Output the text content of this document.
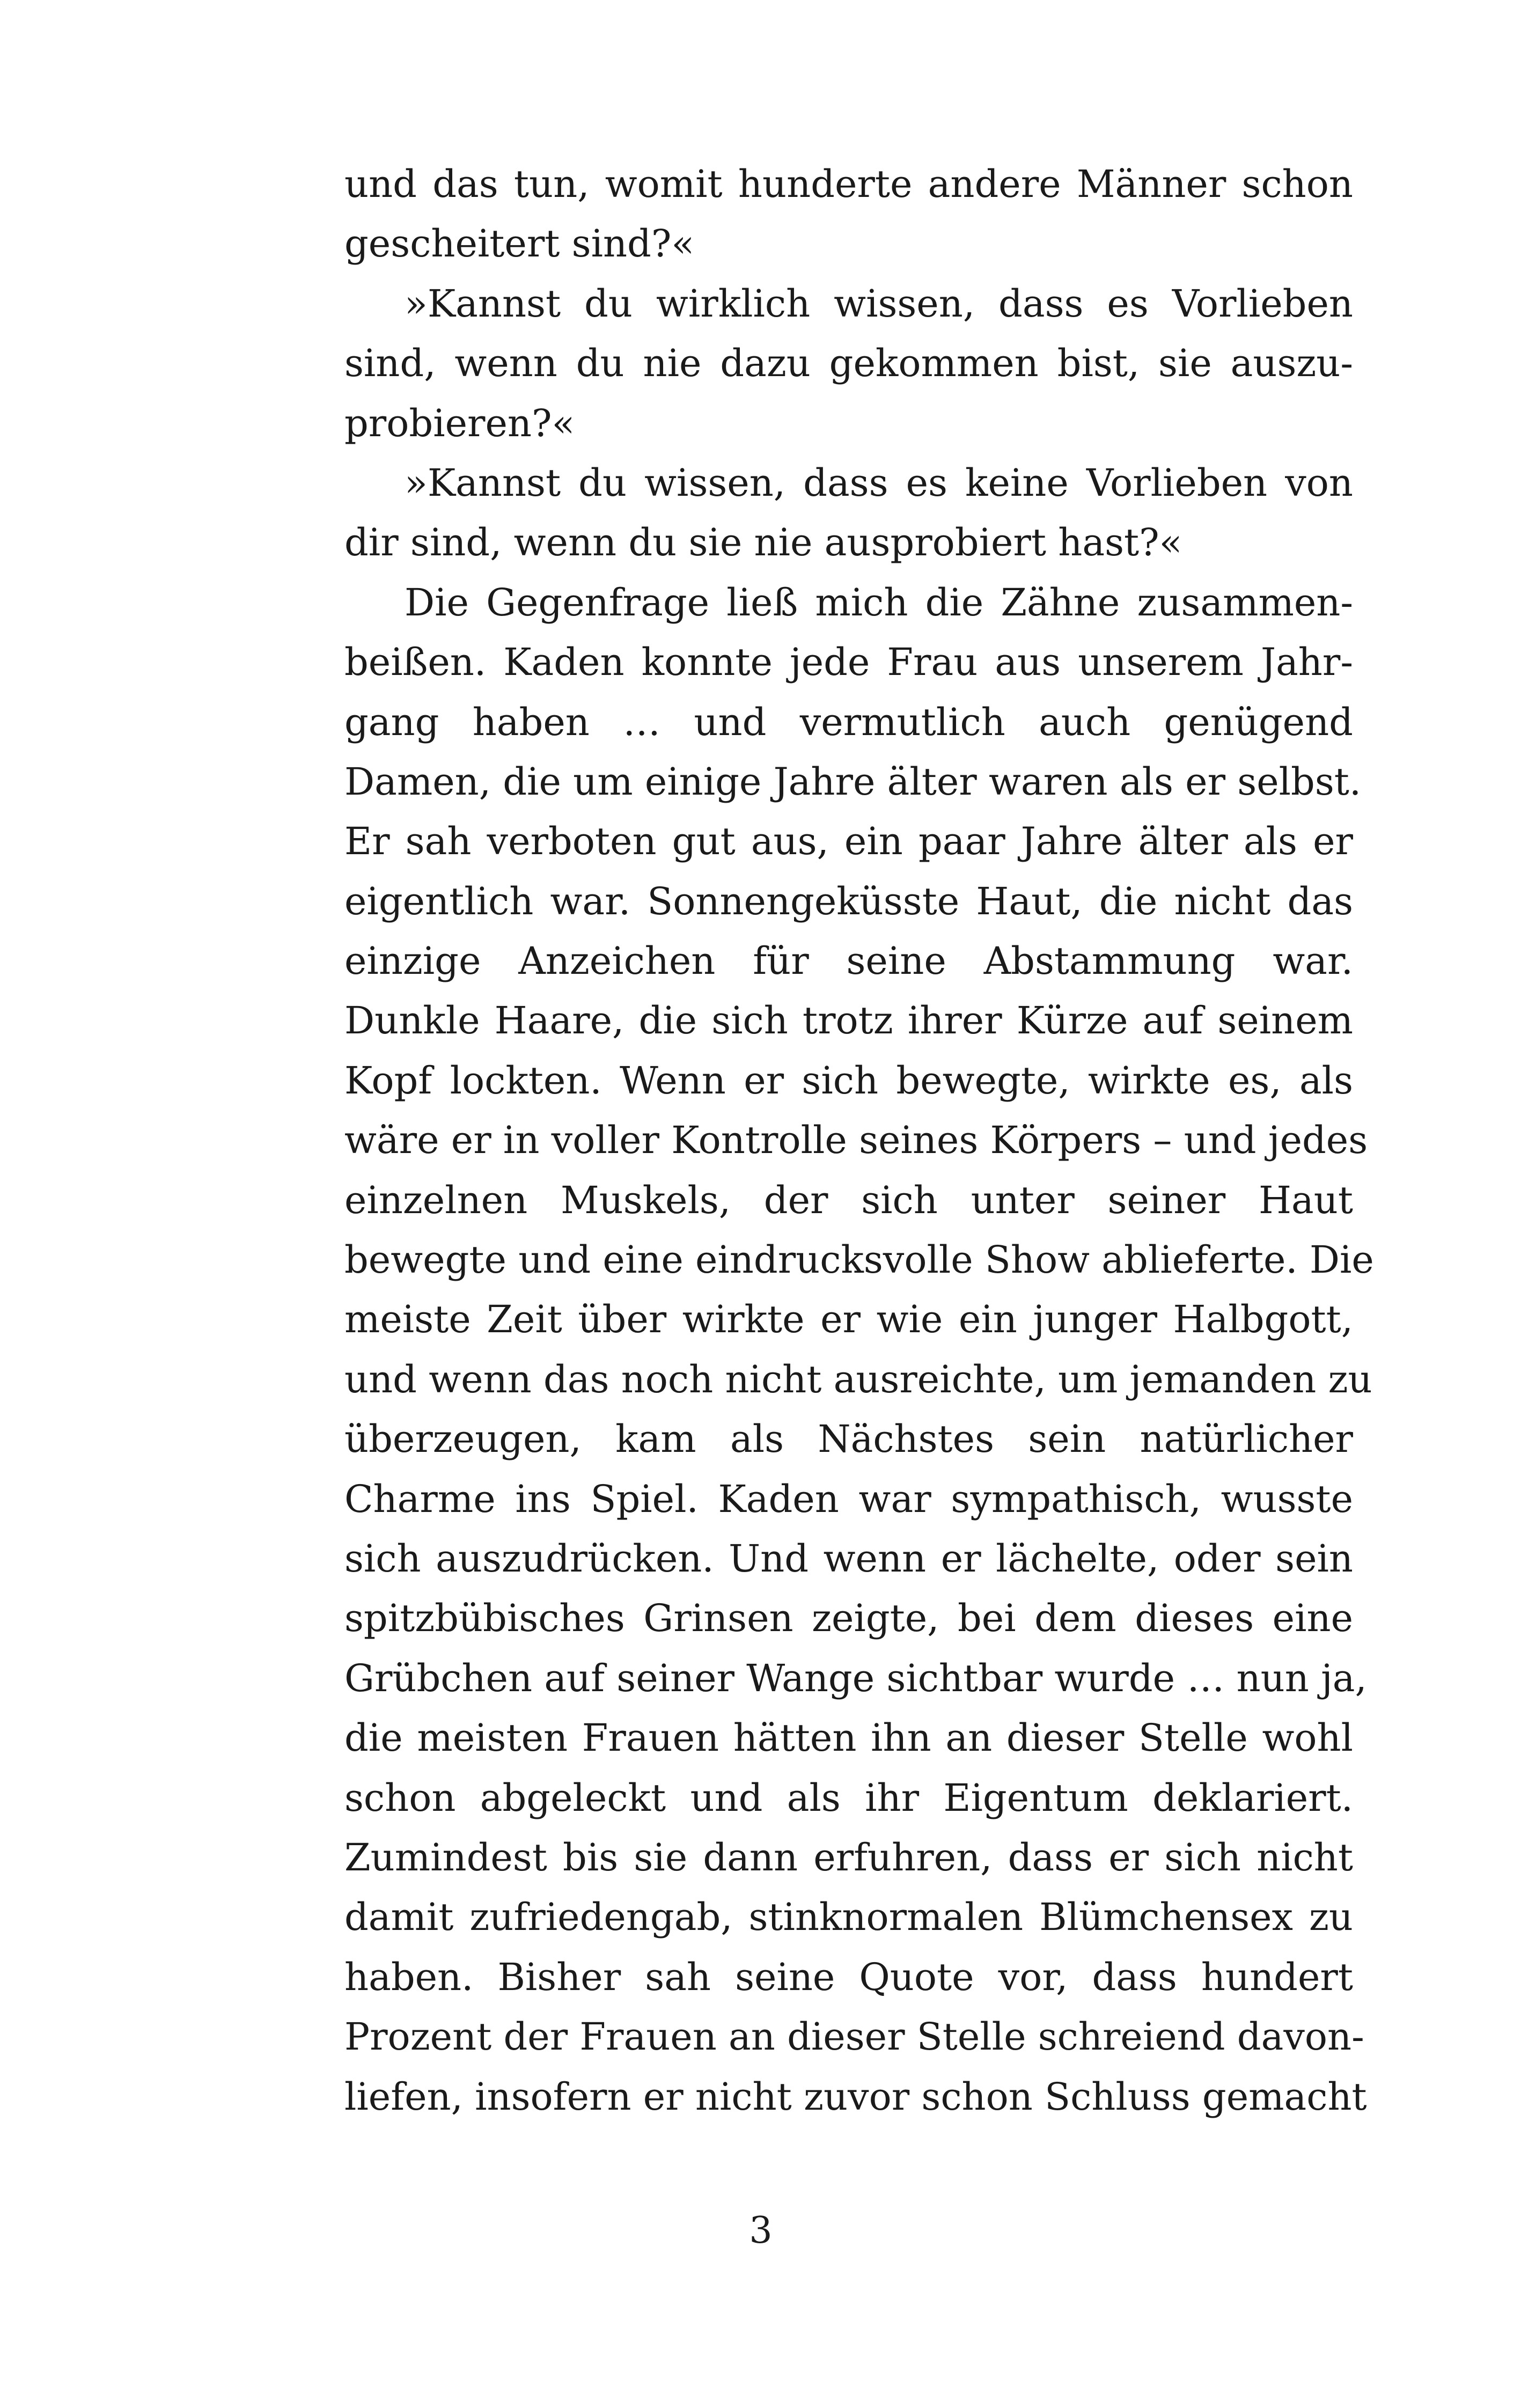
und das tun, womit hunderte andere Männer schon
gescheitert sind?«
»Kannst du wirklich wissen, dass es Vorlieben
sind, wenn du nie dazu gekommen bist, sie auszu-
probieren?«
»Kannst du wissen, dass es keine Vorlieben von
dir sind, wenn du sie nie ausprobiert hast?«
Die Gegenfrage ließ mich die Zähne zusammen-
beißen. Kaden konnte jede Frau aus unserem Jahr-
gang haben … und vermutlich auch genügend
Damen, die um einige Jahre älter waren als er selbst.
Er sah verboten gut aus, ein paar Jahre älter als er
eigentlich war. Sonnengeküsste Haut, die nicht das
einzige Anzeichen für seine Abstammung war.
Dunkle Haare, die sich trotz ihrer Kürze auf seinem
Kopf lockten. Wenn er sich bewegte, wirkte es, als
wäre er in voller Kontrolle seines Körpers – und jedes
einzelnen Muskels, der sich unter seiner Haut
bewegte und eine eindrucksvolle Show ablieferte. Die
meiste Zeit über wirkte er wie ein junger Halbgott,
und wenn das noch nicht ausreichte, um jemanden zu
überzeugen, kam als Nächstes sein natürlicher
Charme ins Spiel. Kaden war sympathisch, wusste
sich auszudrücken. Und wenn er lächelte, oder sein
spitzbübisches Grinsen zeigte, bei dem dieses eine
Grübchen auf seiner Wange sichtbar wurde … nun ja,
die meisten Frauen hätten ihn an dieser Stelle wohl
schon abgeleckt und als ihr Eigentum deklariert.
Zumindest bis sie dann erfuhren, dass er sich nicht
damit zufriedengab, stinknormalen Blümchensex zu
haben. Bisher sah seine Quote vor, dass hundert
Prozent der Frauen an dieser Stelle schreiend davon-
liefen, insofern er nicht zuvor schon Schluss gemacht
3
